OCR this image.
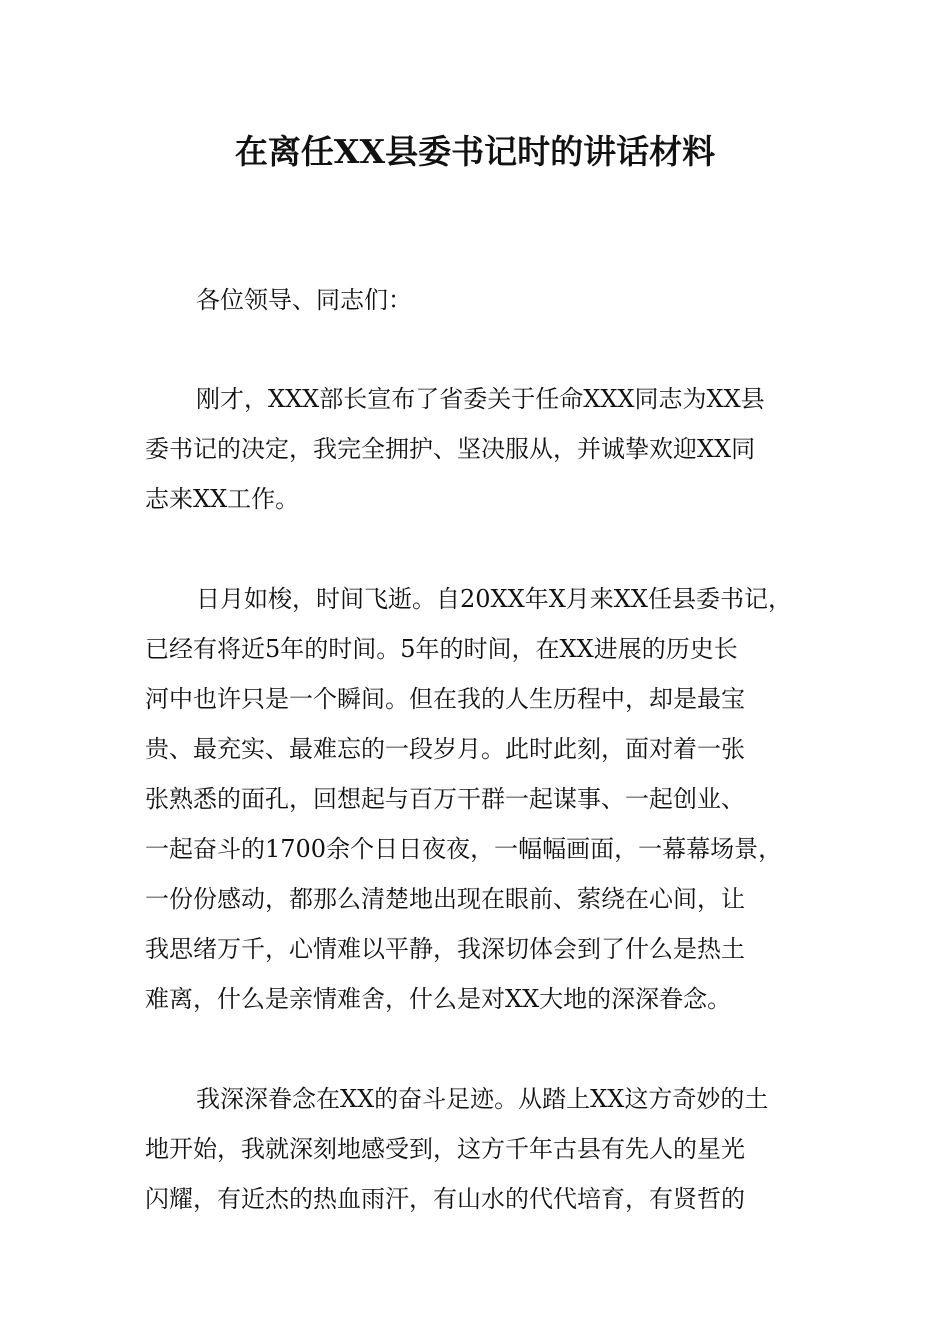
在离任XX县委书记时的讲话材料
各位领导、同志们：
刚才，XXX部长宣布了省委关于任命XXX同志为XX县
委书记的决定，我完全拥护、坚决服从，并诚挚欢迎XX同
志来XX工作。
日月如梭，时间飞逝。自20XX年X月来XX任县委书记，
已经有将近5年的时间。5年的时间，在XX进展的历史长
河中也许只是一个瞬间。但在我的人生历程中，却是最宝
贵、最充实、最难忘的一段岁月。此时此刻，面对着一张
张熟悉的面孔，回想起与百万干群一起谋事、一起创业、
一起奋斗的1700余个日日夜夜，一幅幅画面，一幕幕场景，
一份份感动，都那么清楚地出现在眼前、萦绕在心间，让
我思绪万千，心情难以平静，我深切体会到了什么是热土
难离，什么是亲情难舍，什么是对XX大地的深深眷念。
我深深眷念在XX的奋斗足迹。从踏上XX这方奇妙的土
地开始，我就深刻地感受到，这方千年古县有先人的星光
闪耀，有近杰的热血雨汗，有山水的代代培育，有贤哲的
